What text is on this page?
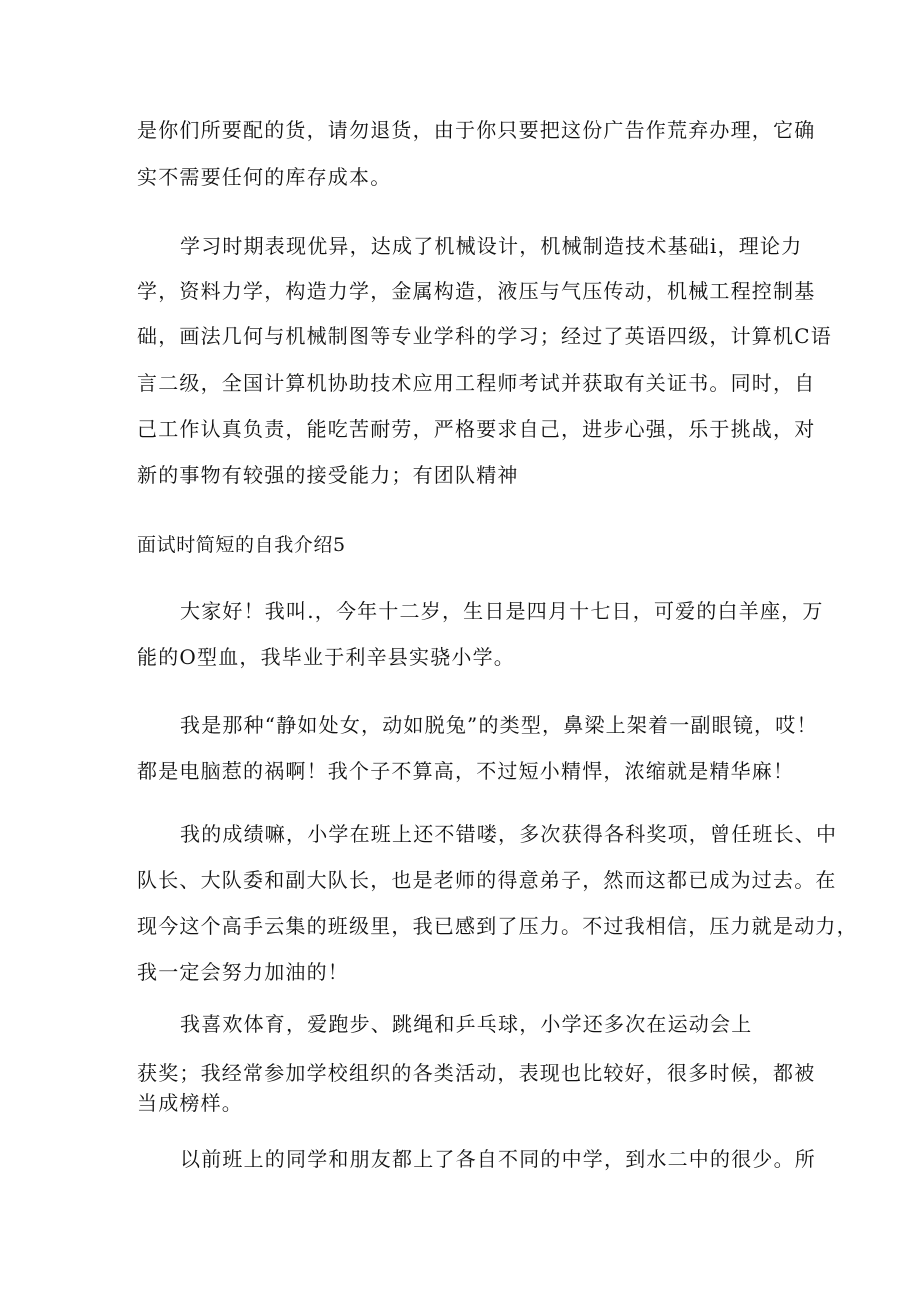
是你们所要配的货，请勿退货，由于你只要把这份广告作荒弃办理，它确
实不需要任何的库存成本。
学习时期表现优异，达成了机械设计，机械制造技术基础i，理论力
学，资料力学，构造力学，金属构造，液压与气压传动，机械工程控制基
础，画法几何与机械制图等专业学科的学习；经过了英语四级，计算机C语
言二级，全国计算机协助技术应用工程师考试并获取有关证书。同时，自
己工作认真负责，能吃苦耐劳，严格要求自己，进步心强，乐于挑战，对
新的事物有较强的接受能力；有团队精神
面试时简短的自我介绍5
大家好！我叫.，今年十二岁，生日是四月十七日，可爱的白羊座，万
能的O型血，我毕业于利辛县实骁小学。
我是那种“静如处女，动如脱兔”的类型，鼻梁上架着一副眼镜，哎！
都是电脑惹的祸啊！我个子不算高，不过短小精悍，浓缩就是精华麻！
我的成绩嘛，小学在班上还不错喽，多次获得各科奖项，曾任班长、中
队长、大队委和副大队长，也是老师的得意弟子，然而这都已成为过去。在
现今这个高手云集的班级里，我已感到了压力。不过我相信，压力就是动力，
我一定会努力加油的！
我喜欢体育，爱跑步、跳绳和乒乓球，小学还多次在运动会上
获奖；我经常参加学校组织的各类活动，表现也比较好，很多时候，都被
当成榜样。
以前班上的同学和朋友都上了各自不同的中学，到水二中的很少。所
